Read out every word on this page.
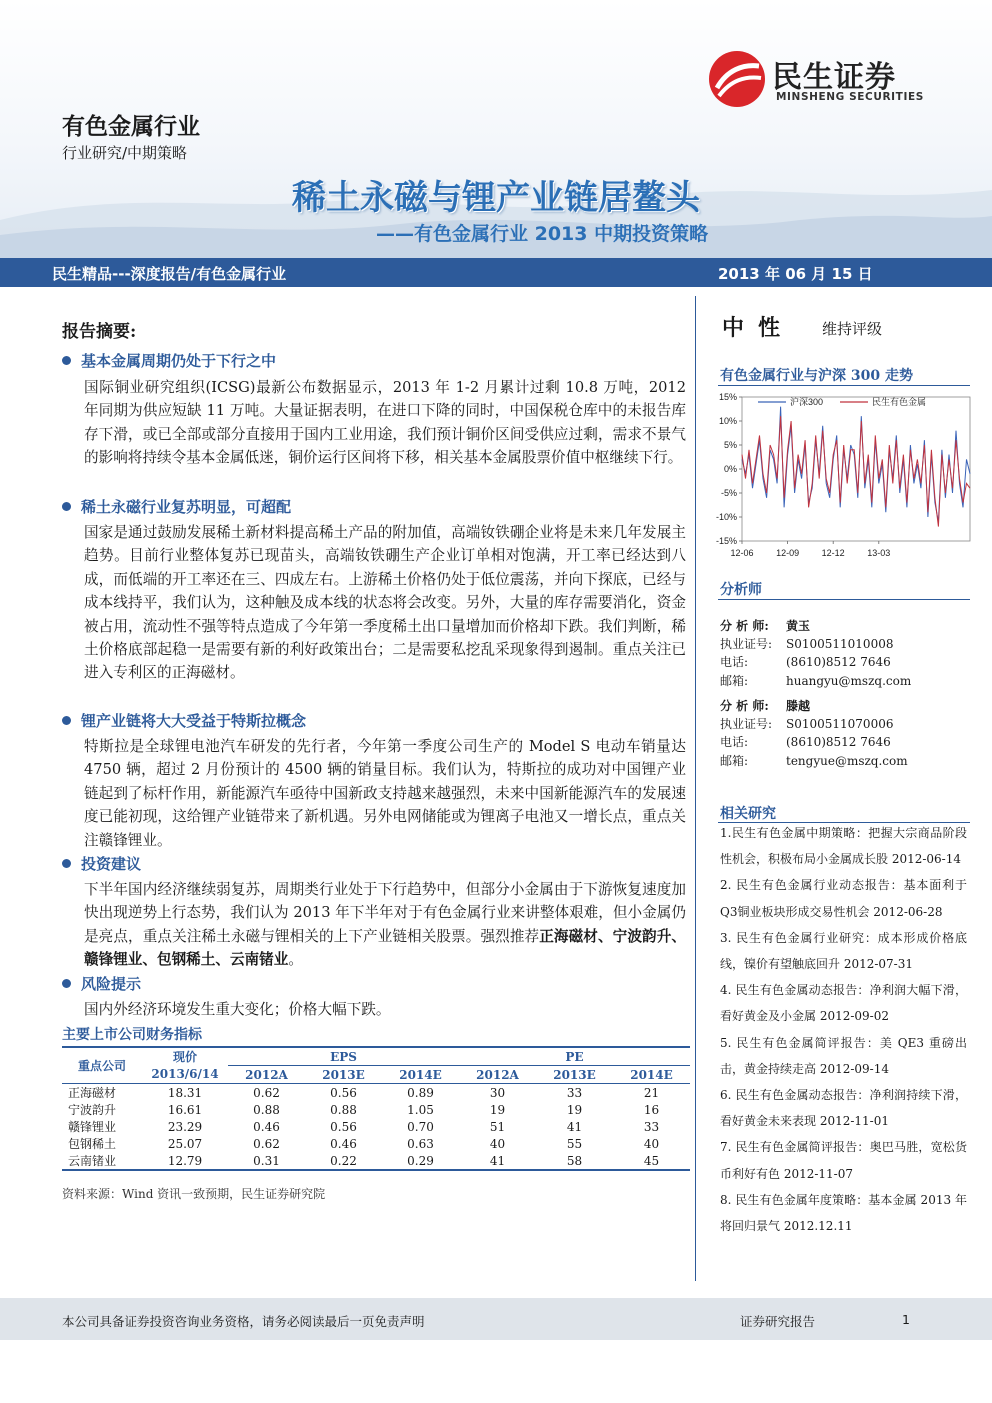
民生证券
MINSHENG SECURITIES
有色金属行业
行业研究/中期策略
稀土永磁与锂产业链居鳌头
——有色金属行业 2013 中期投资策略
民生精品---深度报告/有色金属行业	2013 年 06 月 15 日
报告摘要:
基本金属周期仍处于下行之中
国际铜业研究组织(ICSG)最新公布数据显示，2013 年 1-2 月累计过剩 10.8 万吨，2012 年同期为供应短缺 11 万吨。大量证据表明，在进口下降的同时，中国保税仓库中的未报告库存下滑，或已全部或部分直接用于国内工业用途，我们预计铜价区间受供应过剩，需求不景气的影响将持续令基本金属低迷，铜价运行区间将下移，相关基本金属股票价值中枢继续下行。
稀土永磁行业复苏明显，可超配
国家是通过鼓励发展稀土新材料提高稀土产品的附加值，高端钕铁硼企业将是未来几年发展主趋势。目前行业整体复苏已现苗头，高端钕铁硼生产企业订单相对饱满，开工率已经达到八成，而低端的开工率还在三、四成左右。上游稀土价格仍处于低位震荡，并向下探底，已经与成本线持平，我们认为，这种触及成本线的状态将会改变。另外，大量的库存需要消化，资金被占用，流动性不强等特点造成了今年第一季度稀土出口量增加而价格却下跌。我们判断，稀土价格底部起稳一是需要有新的利好政策出台；二是需要私挖乱采现象得到遏制。重点关注已进入专利区的正海磁材。
锂产业链将大大受益于特斯拉概念
特斯拉是全球锂电池汽车研发的先行者，今年第一季度公司生产的 Model S 电动车销量达 4750 辆，超过 2 月份预计的 4500 辆的销量目标。我们认为，特斯拉的成功对中国锂产业链起到了标杆作用，新能源汽车亟待中国新政支持越来越强烈，未来中国新能源汽车的发展速度已能初现，这给锂产业链带来了新机遇。另外电网储能或为锂离子电池又一增长点，重点关注赣锋锂业。
投资建议
下半年国内经济继续弱复苏，周期类行业处于下行趋势中，但部分小金属由于下游恢复速度加快出现逆势上行态势，我们认为 2013 年下半年对于有色金属行业来讲整体艰难，但小金属仍是亮点，重点关注稀土永磁与锂相关的上下产业链相关股票。强烈推荐正海磁材、宁波韵升、赣锋锂业、包钢稀土、云南锗业。
风险提示
国内外经济环境发生重大变化；价格大幅下跌。
主要上市公司财务指标
重点公司	现价	EPS			PE		
	2013/6/14	2012A	2013E	2014E	2012A	2013E	2014E
正海磁材	18.31	0.62	0.56	0.89	30	33	21
宁波韵升	16.61	0.88	0.88	1.05	19	19	16
赣锋锂业	23.29	0.46	0.56	0.70	51	41	33
包钢稀土	25.07	0.62	0.46	0.63	40	55	40
云南锗业	12.79	0.31	0.22	0.29	41	58	45
资料来源：Wind 资讯一致预期，民生证券研究院
中性 维持评级
有色金属行业与沪深 300 走势
15%
10%
5%
0%
-5%
-10%
-15%
12-06	12-09	12-12	13-03
沪深300	民生有色金属
分析师
分 析 师: 黄玉
执业证号: S0100511010008
电话:	(8610)8512 7646
邮箱:	huangyu@mszq.com
分 析 师: 滕越
执业证号: S0100511070006
电话:	(8610)8512 7646
邮箱:	tengyue@mszq.com
相关研究
1.民生有色金属中期策略：把握大宗商品阶段性机会，积极布局小金属成长股 2012-06-14
2. 民生有色金属行业动态报告：基本面利于Q3铜业板块形成交易性机会 2012-06-28
3. 民生有色金属行业研究：成本形成价格底线，镍价有望触底回升 2012-07-31
4. 民生有色金属动态报告：净利润大幅下滑，看好黄金及小金属 2012-09-02
5. 民生有色金属简评报告：美 QE3 重磅出击，黄金持续走高 2012-09-14
6. 民生有色金属动态报告：净利润持续下滑，看好黄金未来表现 2012-11-01
7. 民生有色金属简评报告：奥巴马胜，宽松货币利好有色 2012-11-07
8. 民生有色金属年度策略：基本金属 2013 年将回归景气 2012.12.11
本公司具备证券投资咨询业务资格，请务必阅读最后一页免责声明	证券研究报告	1
